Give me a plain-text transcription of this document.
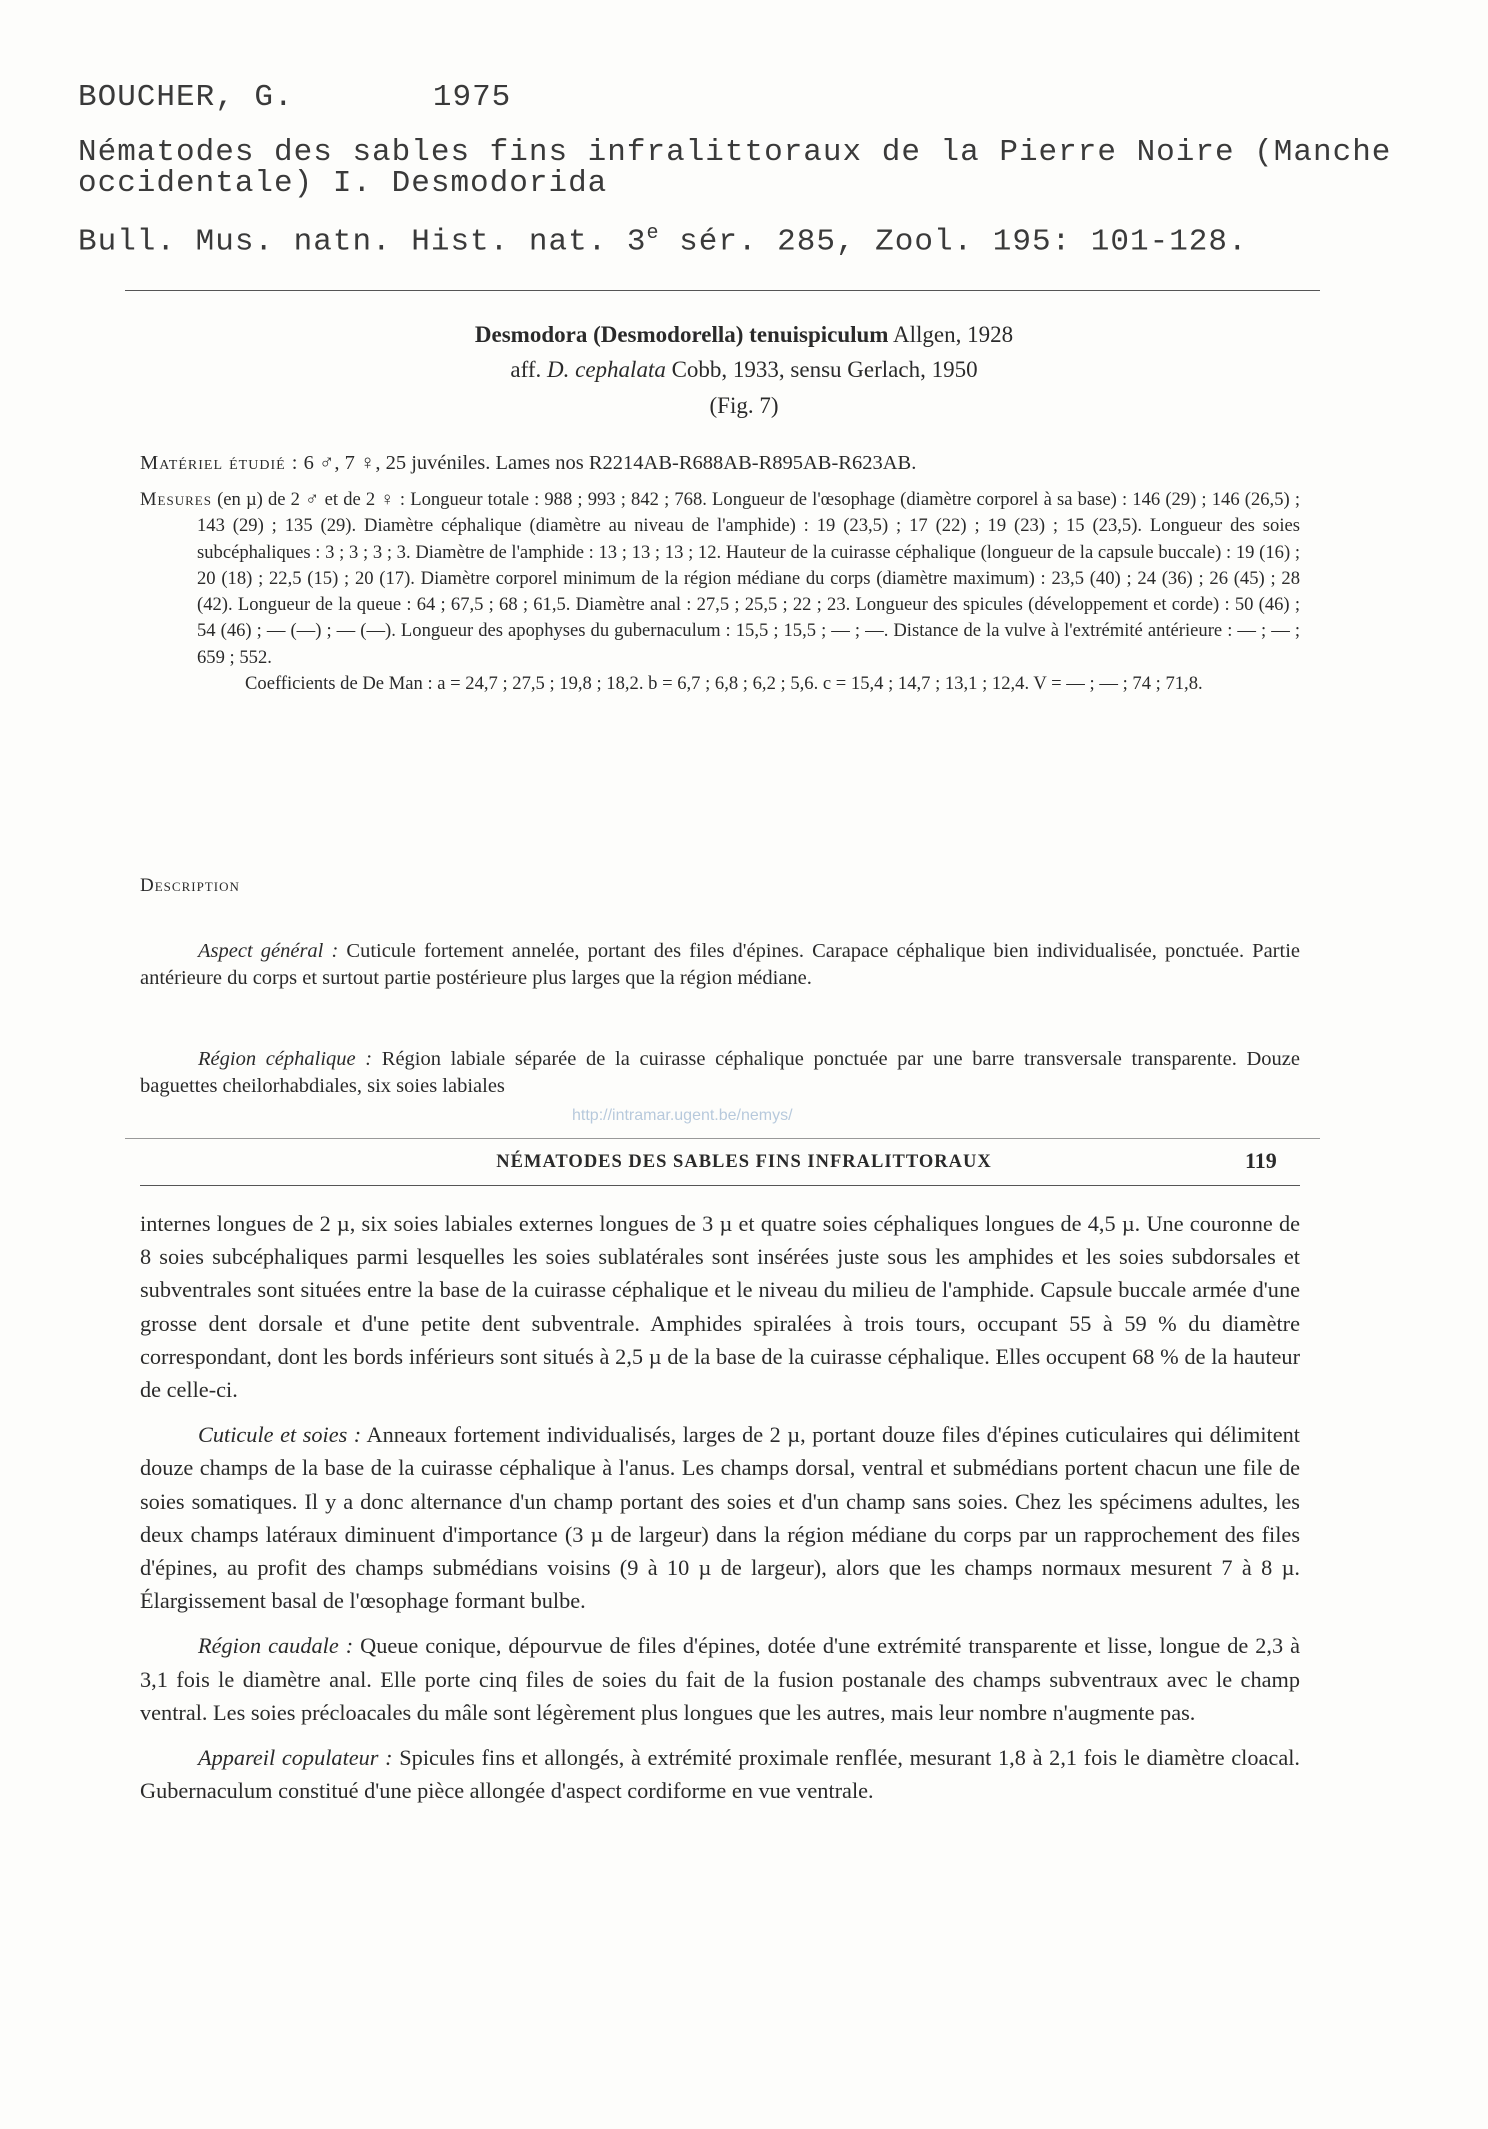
BOUCHER, G.	1975
Nématodes des sables fins infralittoraux de la Pierre Noire (Manche
occidentale) I. Desmodorida
Bull. Mus. natn. Hist. nat. 3e sér. 285, Zool. 195: 101-128.
Desmodora (Desmodorella) tenuispiculum Allgen, 1928
aff. D. cephalata Cobb, 1933, sensu Gerlach, 1950
(Fig. 7)
Matériel étudié : 6 ♂, 7 ♀, 25 juvéniles. Lames nos R2214AB-R688AB-R895AB-R623AB.
Mesures (en µ) de 2 ♂ et de 2 ♀ : Longueur totale : 988 ; 993 ; 842 ; 768. Longueur de l'œsophage (diamètre corporel à sa base) : 146 (29) ; 146 (26,5) ; 143 (29) ; 135 (29). Diamètre céphalique (diamètre au niveau de l'amphide) : 19 (23,5) ; 17 (22) ; 19 (23) ; 15 (23,5). Longueur des soies subcéphaliques : 3 ; 3 ; 3 ; 3. Diamètre de l'amphide : 13 ; 13 ; 13 ; 12. Hauteur de la cuirasse céphalique (longueur de la capsule buccale) : 19 (16) ; 20 (18) ; 22,5 (15) ; 20 (17). Diamètre corporel minimum de la région médiane du corps (diamètre maximum) : 23,5 (40) ; 24 (36) ; 26 (45) ; 28 (42). Longueur de la queue : 64 ; 67,5 ; 68 ; 61,5. Diamètre anal : 27,5 ; 25,5 ; 22 ; 23. Longueur des spicules (développement et corde) : 50 (46) ; 54 (46) ; — (—) ; — (—). Longueur des apophyses du gubernaculum : 15,5 ; 15,5 ; — ; —. Distance de la vulve à l'extrémité antérieure : — ; — ; 659 ; 552.
Coefficients de De Man : a = 24,7 ; 27,5 ; 19,8 ; 18,2. b = 6,7 ; 6,8 ; 6,2 ; 5,6. c = 15,4 ; 14,7 ; 13,1 ; 12,4. V = — ; — ; 74 ; 71,8.
Description
Aspect général : Cuticule fortement annelée, portant des files d'épines. Carapace céphalique bien individualisée, ponctuée. Partie antérieure du corps et surtout partie postérieure plus larges que la région médiane.
Région céphalique : Région labiale séparée de la cuirasse céphalique ponctuée par une barre transversale transparente. Douze baguettes cheilorhabdiales, six soies labiales
http://intramar.ugent.be/nemys/
NÉMATODES DES SABLES FINS INFRALITTORAUX	119
internes longues de 2 µ, six soies labiales externes longues de 3 µ et quatre soies céphaliques longues de 4,5 µ. Une couronne de 8 soies subcéphaliques parmi lesquelles les soies sublatérales sont insérées juste sous les amphides et les soies subdorsales et subventrales sont situées entre la base de la cuirasse céphalique et le niveau du milieu de l'amphide. Capsule buccale armée d'une grosse dent dorsale et d'une petite dent subventrale. Amphides spiralées à trois tours, occupant 55 à 59 % du diamètre correspondant, dont les bords inférieurs sont situés à 2,5 µ de la base de la cuirasse céphalique. Elles occupent 68 % de la hauteur de celle-ci.
Cuticule et soies : Anneaux fortement individualisés, larges de 2 µ, portant douze files d'épines cuticulaires qui délimitent douze champs de la base de la cuirasse céphalique à l'anus. Les champs dorsal, ventral et submédians portent chacun une file de soies somatiques. Il y a donc alternance d'un champ portant des soies et d'un champ sans soies. Chez les spécimens adultes, les deux champs latéraux diminuent d'importance (3 µ de largeur) dans la région médiane du corps par un rapprochement des files d'épines, au profit des champs submédians voisins (9 à 10 µ de largeur), alors que les champs normaux mesurent 7 à 8 µ. Élargissement basal de l'œsophage formant bulbe.
Région caudale : Queue conique, dépourvue de files d'épines, dotée d'une extrémité transparente et lisse, longue de 2,3 à 3,1 fois le diamètre anal. Elle porte cinq files de soies du fait de la fusion postanale des champs subventraux avec le champ ventral. Les soies précloacales du mâle sont légèrement plus longues que les autres, mais leur nombre n'augmente pas.
Appareil copulateur : Spicules fins et allongés, à extrémité proximale renflée, mesurant 1,8 à 2,1 fois le diamètre cloacal. Gubernaculum constitué d'une pièce allongée d'aspect cordiforme en vue ventrale.
